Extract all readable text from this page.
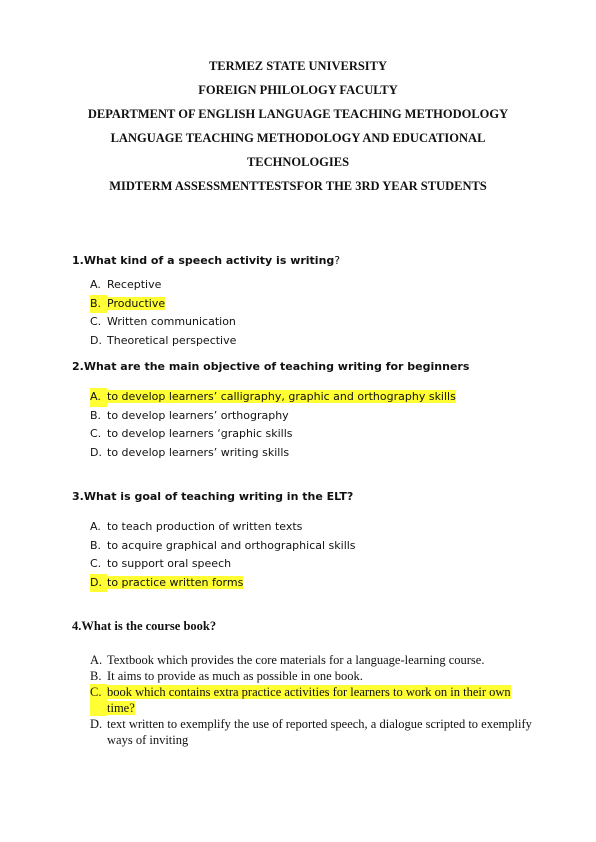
TERMEZ STATE UNIVERSITY
FOREIGN PHILOLOGY FACULTY
DEPARTMENT OF ENGLISH LANGUAGE TEACHING METHODOLOGY
LANGUAGE TEACHING METHODOLOGY AND EDUCATIONAL
TECHNOLOGIES
MIDTERM ASSESSMENTTESTSFOR THE 3RD YEAR STUDENTS
1.What kind of a speech activity is writing?
A. Receptive
B. Productive
C. Written communication
D. Theoretical perspective
2.What are the main objective of teaching writing for beginners
A. to develop learners’ calligraphy, graphic and orthography skills
B. to develop learners’ orthography
C. to develop learners ‘graphic skills
D. to develop learners’ writing skills
3.What is goal of teaching writing in the ELT?
A. to teach production of written texts
B. to acquire graphical and orthographical skills
C. to support oral speech
D. to practice written forms
4.What is the course book?
A. Textbook which provides the core materials for a language-learning course.
B. It aims to provide as much as possible in one book.
C. book which contains extra practice activities for learners to work on in their own time?
D. text written to exemplify the use of reported speech, a dialogue scripted to exemplify ways of inviting
